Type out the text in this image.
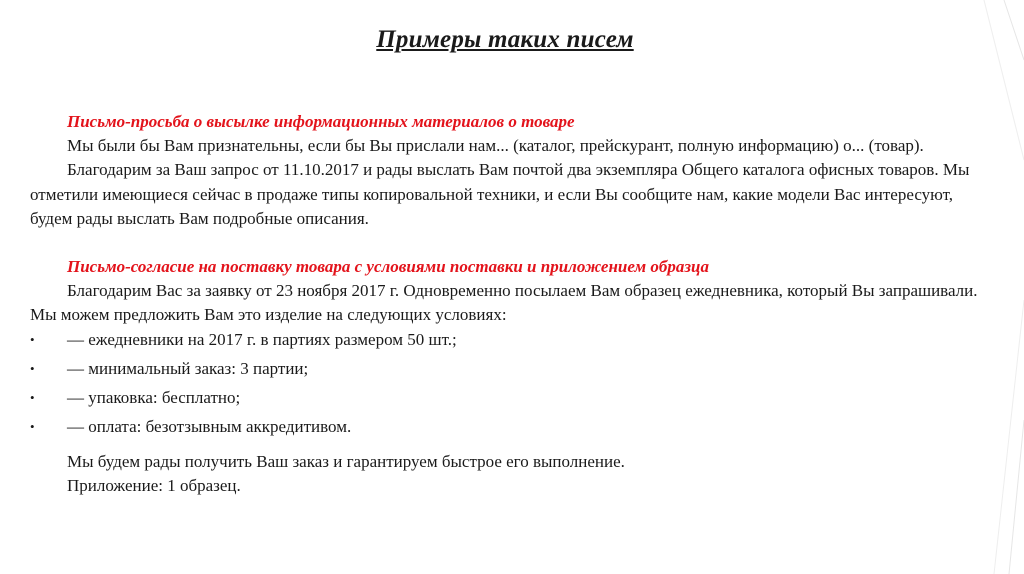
Примеры таких писем
Письмо-просьба о высылке информационных материалов о товаре

Мы были бы Вам признательны, если бы Вы прислали нам... (каталог, прейскурант, полную информацию) о... (товар).

Благодарим за Ваш запрос от 11.10.2017 и рады выслать Вам почтой два экземпляра Общего каталога офисных товаров. Мы отметили имеющиеся сейчас в продаже типы копировальной техники, и если Вы сообщите нам, какие модели Вас интересуют, будем рады выслать Вам подробные описания.

Письмо-согласие на поставку товара с условиями поставки и приложением образца

Благодарим Вас за заявку от 23 ноября 2017 г. Одновременно посылаем Вам образец ежедневника, который Вы запрашивали. Мы можем предложить Вам это изделие на следующих условиях:

• — ежедневники на 2017 г. в партиях размером 50 шт.;
• — минимальный заказ: 3 партии;
• — упаковка: бесплатно;
• — оплата: безотзывным аккредитивом.
Мы будем рады получить Ваш заказ и гарантируем быстрое его выполнение.
Приложение: 1 образец.
